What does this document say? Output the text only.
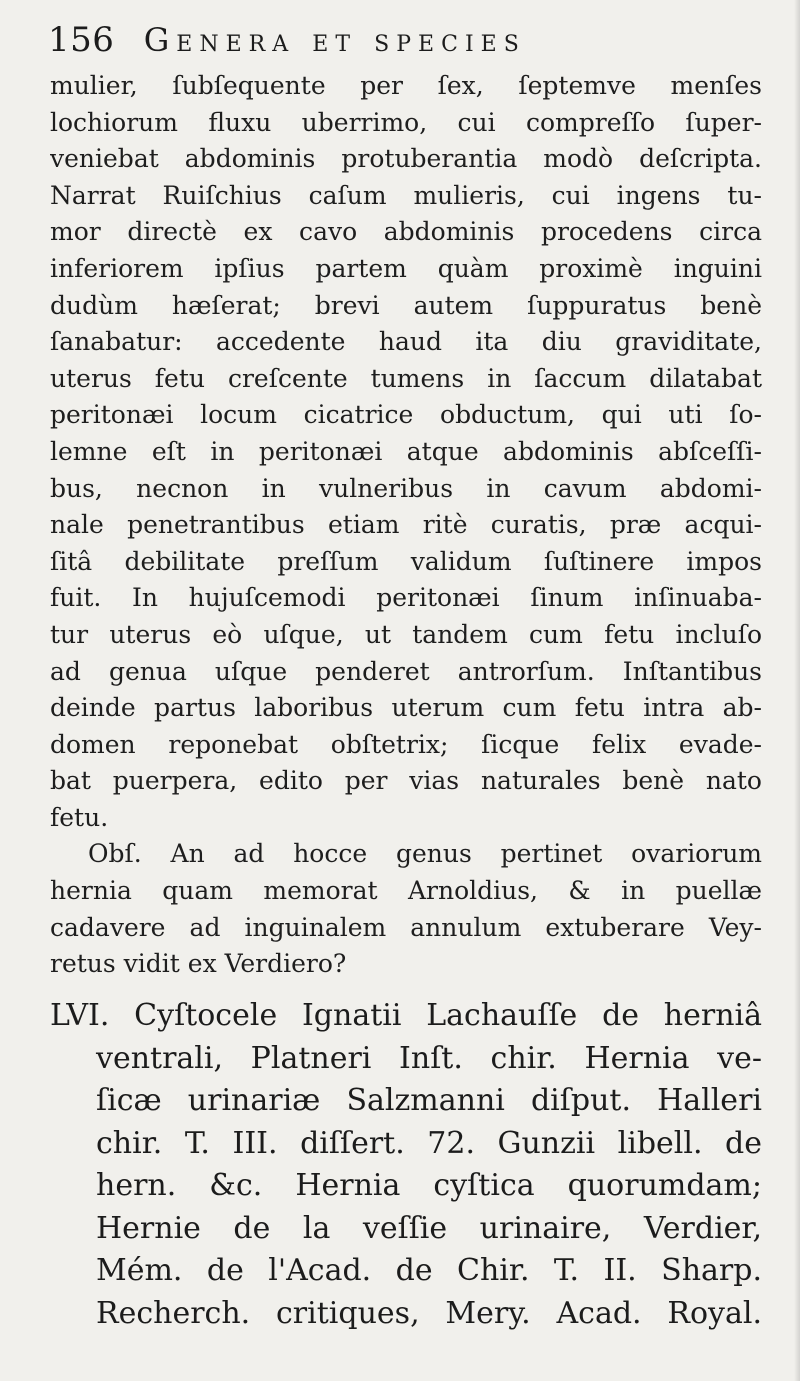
156 Genera et species
mulier, ſubſequente per ſex, ſeptemve menſes
lochiorum fluxu uberrimo, cui compreſſo ſuper-
veniebat abdominis protuberantia modò deſcripta.
Narrat Ruiſchius caſum mulieris, cui ingens tu-
mor directè ex cavo abdominis procedens circa
inferiorem ipſius partem quàm proximè inguini
dudùm hæſerat; brevi autem ſuppuratus benè
ſanabatur: accedente haud ita diu graviditate,
uterus fetu creſcente tumens in ſaccum dilatabat
peritonæi locum cicatrice obductum, qui uti ſo-
lemne eſt in peritonæi atque abdominis abſceſſi-
bus, necnon in vulneribus in cavum abdomi-
nale penetrantibus etiam ritè curatis, præ acqui-
ſitâ debilitate preſſum validum ſuſtinere impos
fuit. In hujuſcemodi peritonæi ſinum inſinuaba-
tur uterus eò uſque, ut tandem cum fetu incluſo
ad genua uſque penderet antrorſum. Inſtantibus
deinde partus laboribus uterum cum fetu intra ab-
domen reponebat obſtetrix; ſicque felix evade-
bat puerpera, edito per vias naturales benè nato
fetu.
Obſ. An ad hocce genus pertinet ovariorum
hernia quam memorat Arnoldius, & in puellæ
cadavere ad inguinalem annulum extuberare Vey-
retus vidit ex Verdiero?
LVI. Cyſtocele Ignatii Lachauſſe de herniâ
ventrali, Platneri Inſt. chir. Hernia ve-
ſicæ urinariæ Salzmanni diſput. Halleri
chir. T. III. diſſert. 72. Gunzii libell. de
hern. &c. Hernia cyſtica quorumdam;
Hernie de la veſſie urinaire, Verdier,
Mém. de l'Acad. de Chir. T. II. Sharp.
Recherch. critiques, Mery. Acad. Royal.
